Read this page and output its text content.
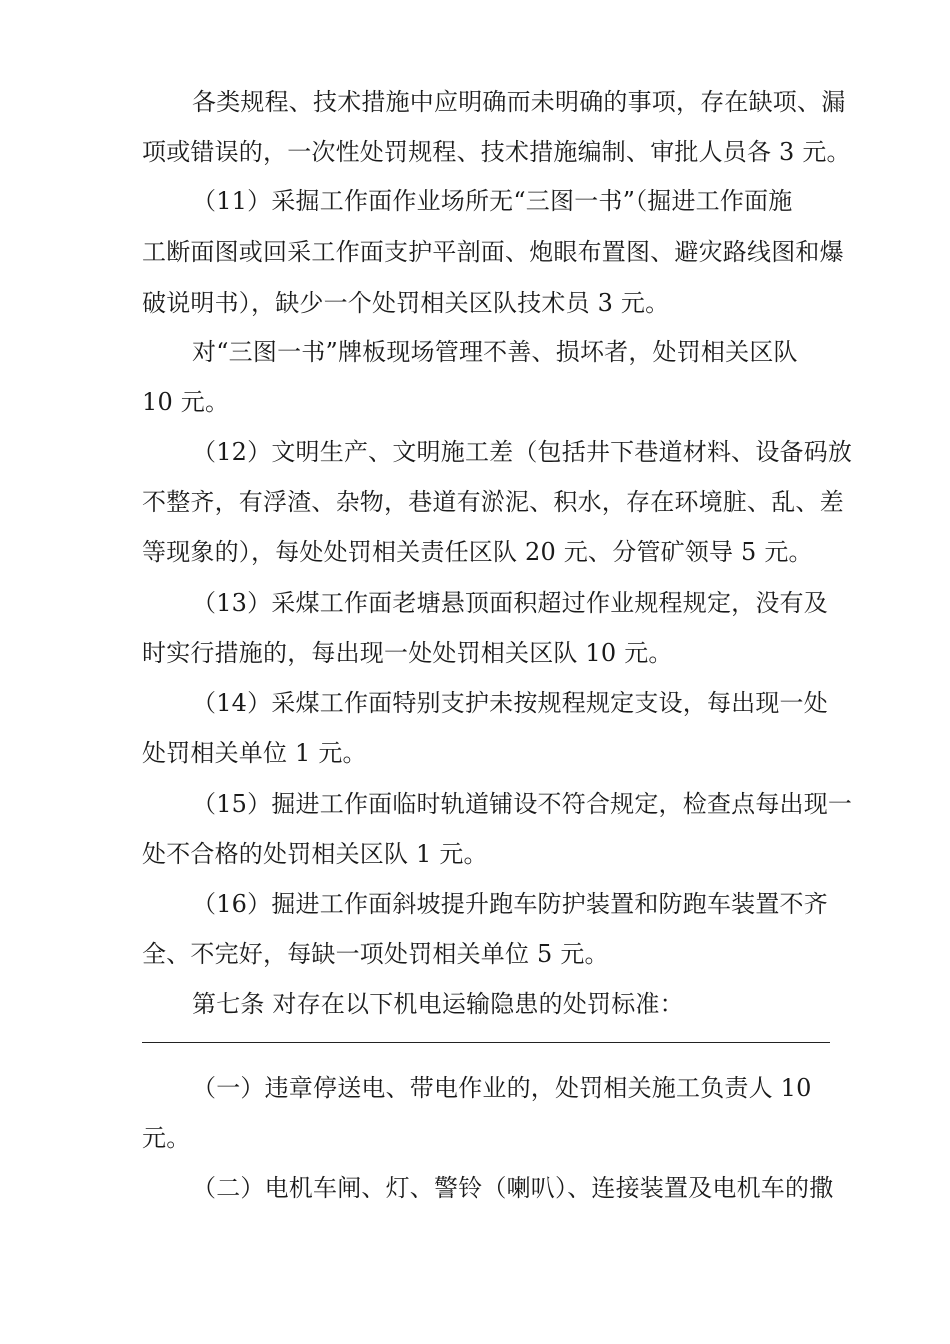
各类规程、技术措施中应明确而未明确的事项，存在缺项、漏
项或错误的，一次性处罚规程、技术措施编制、审批人员各 3 元。
（11）采掘工作面作业场所无“三图一书”（掘进工作面施
工断面图或回采工作面支护平剖面、炮眼布置图、避灾路线图和爆
破说明书），缺少一个处罚相关区队技术员 3 元。
对“三图一书”牌板现场管理不善、损坏者，处罚相关区队
10 元。
（12）文明生产、文明施工差（包括井下巷道材料、设备码放
不整齐，有浮渣、杂物，巷道有淤泥、积水，存在环境脏、乱、差
等现象的），每处处罚相关责任区队 20 元、分管矿领导 5 元。
（13）采煤工作面老塘悬顶面积超过作业规程规定，没有及
时实行措施的，每出现一处处罚相关区队 10 元。
（14）采煤工作面特别支护未按规程规定支设，每出现一处
处罚相关单位 1 元。
（15）掘进工作面临时轨道铺设不符合规定，检查点每出现一
处不合格的处罚相关区队 1 元。
（16）掘进工作面斜坡提升跑车防护装置和防跑车装置不齐
全、不完好，每缺一项处罚相关单位 5 元。
第七条 对存在以下机电运输隐患的处罚标准：
（一）违章停送电、带电作业的，处罚相关施工负责人 10
元。
（二）电机车闸、灯、警铃（喇叭）、连接装置及电机车的撒
